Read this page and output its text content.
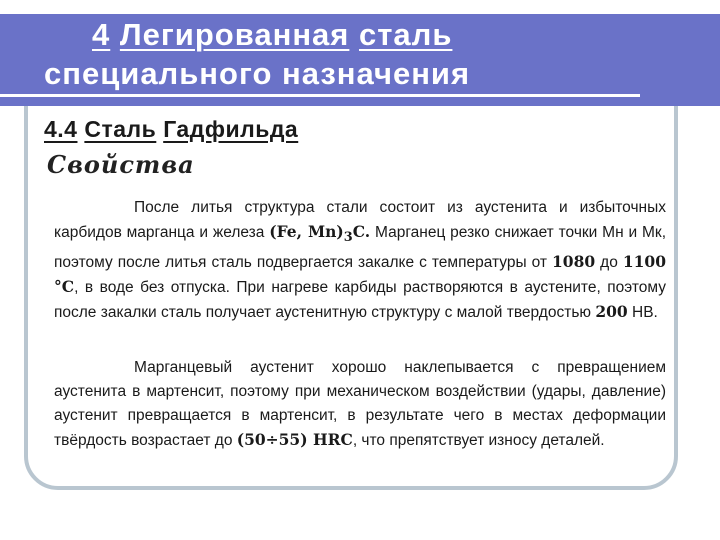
4 Легированная сталь
специального назначения
4.4 Сталь Гадфильда
Свойства
После литья структура стали состоит из аустенита и избыточных карбидов марганца и железа (Fe, $Mn)_3C$. Марганец резко снижает точки Мн и Мк, поэтому после литья сталь подвергается закалке с температуры от 1080 до 1100 °С, в воде без отпуска. При нагреве карбиды растворяются в аустените, поэтому после закалки сталь получает аустенитную структуру с малой твердостью 200 НВ.
Марганцевый аустенит хорошо наклепывается с превращением аустенита в мартенсит, поэтому при механическом воздействии (удары, давление) аустенит превращается в мартенсит, в результате чего в местах деформации твёрдость возрастает до (50÷55) HRC, что препятствует износу деталей.
